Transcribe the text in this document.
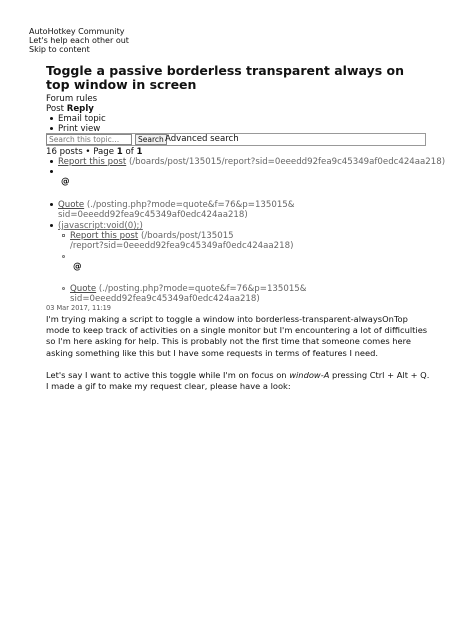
AutoHotkey Community
Let's help each other out
Skip to content
Toggle a passive borderless transparent always on top window in screen
Forum rules
Post Reply
Email topic
Print view
Search this topic…
Search Advanced search
16 posts • Page 1 of 1
Report this post (/boards/post/135015/report?sid=0eeedd92fea9c45349af0edc424aa218)
@
Quote (./posting.php?mode=quote&f=76&p=135015&
sid=0eeedd92fea9c45349af0edc424aa218)
(javascript:void(0);)
Report this post (/boards/post/135015
/report?sid=0eeedd92fea9c45349af0edc424aa218)
@
Quote (./posting.php?mode=quote&f=76&p=135015&
sid=0eeedd92fea9c45349af0edc424aa218)
03 Mar 2017, 11:19
I'm trying making a script to toggle a window into borderless-transparent-alwaysOnTop mode to keep track of activities on a single monitor but I'm encountering a lot of difficulties so I'm here asking for help. This is probably not the first time that someone comes here asking something like this but I have some requests in terms of features I need.
Let's say I want to active this toggle while I'm on focus on window-A pressing Ctrl + Alt + Q. I made a gif to make my request clear, please have a look:
